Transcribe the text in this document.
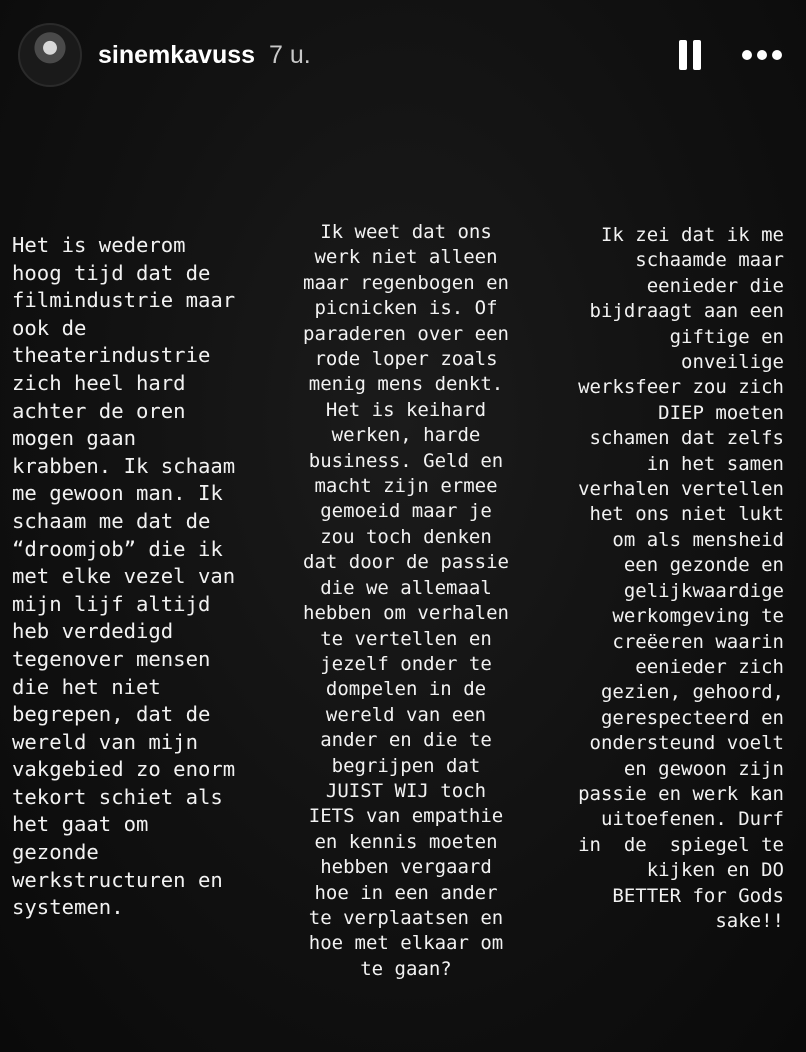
sinemkavuss 7 u.

Het is wederom
hoog tijd dat de
filmindustrie maar
ook de
theaterindustrie
zich heel hard
achter de oren
mogen gaan
krabben. Ik schaam
me gewoon man. Ik
schaam me dat de
“droomjob” die ik
met elke vezel van
mijn lijf altijd
heb verdedigd
tegenover mensen
die het niet
begrepen, dat de
wereld van mijn
vakgebied zo enorm
tekort schiet als
het gaat om
gezonde
werkstructuren en
systemen.

Ik weet dat ons
werk niet alleen
maar regenbogen en
picnicken is. Of
paraderen over een
rode loper zoals
menig mens denkt.
Het is keihard
werken, harde
business. Geld en
macht zijn ermee
gemoeid maar je
zou toch denken
dat door de passie
die we allemaal
hebben om verhalen
te vertellen en
jezelf onder te
dompelen in de
wereld van een
ander en die te
begrijpen dat
JUIST WIJ toch
IETS van empathie
en kennis moeten
hebben vergaard
hoe in een ander
te verplaatsen en
hoe met elkaar om
te gaan?

Ik zei dat ik me
schaamde maar
eenieder die
bijdraagt aan een
giftige en
onveilige
werksfeer zou zich
DIEP moeten
schamen dat zelfs
in het samen
verhalen vertellen
het ons niet lukt
om als mensheid
een gezonde en
gelijkwaardige
werkomgeving te
creëeren waarin
eenieder zich
gezien, gehoord,
gerespecteerd en
ondersteund voelt
en gewoon zijn
passie en werk kan
uitoefenen. Durf
in  de  spiegel te
kijken en DO
BETTER for Gods
sake!!
